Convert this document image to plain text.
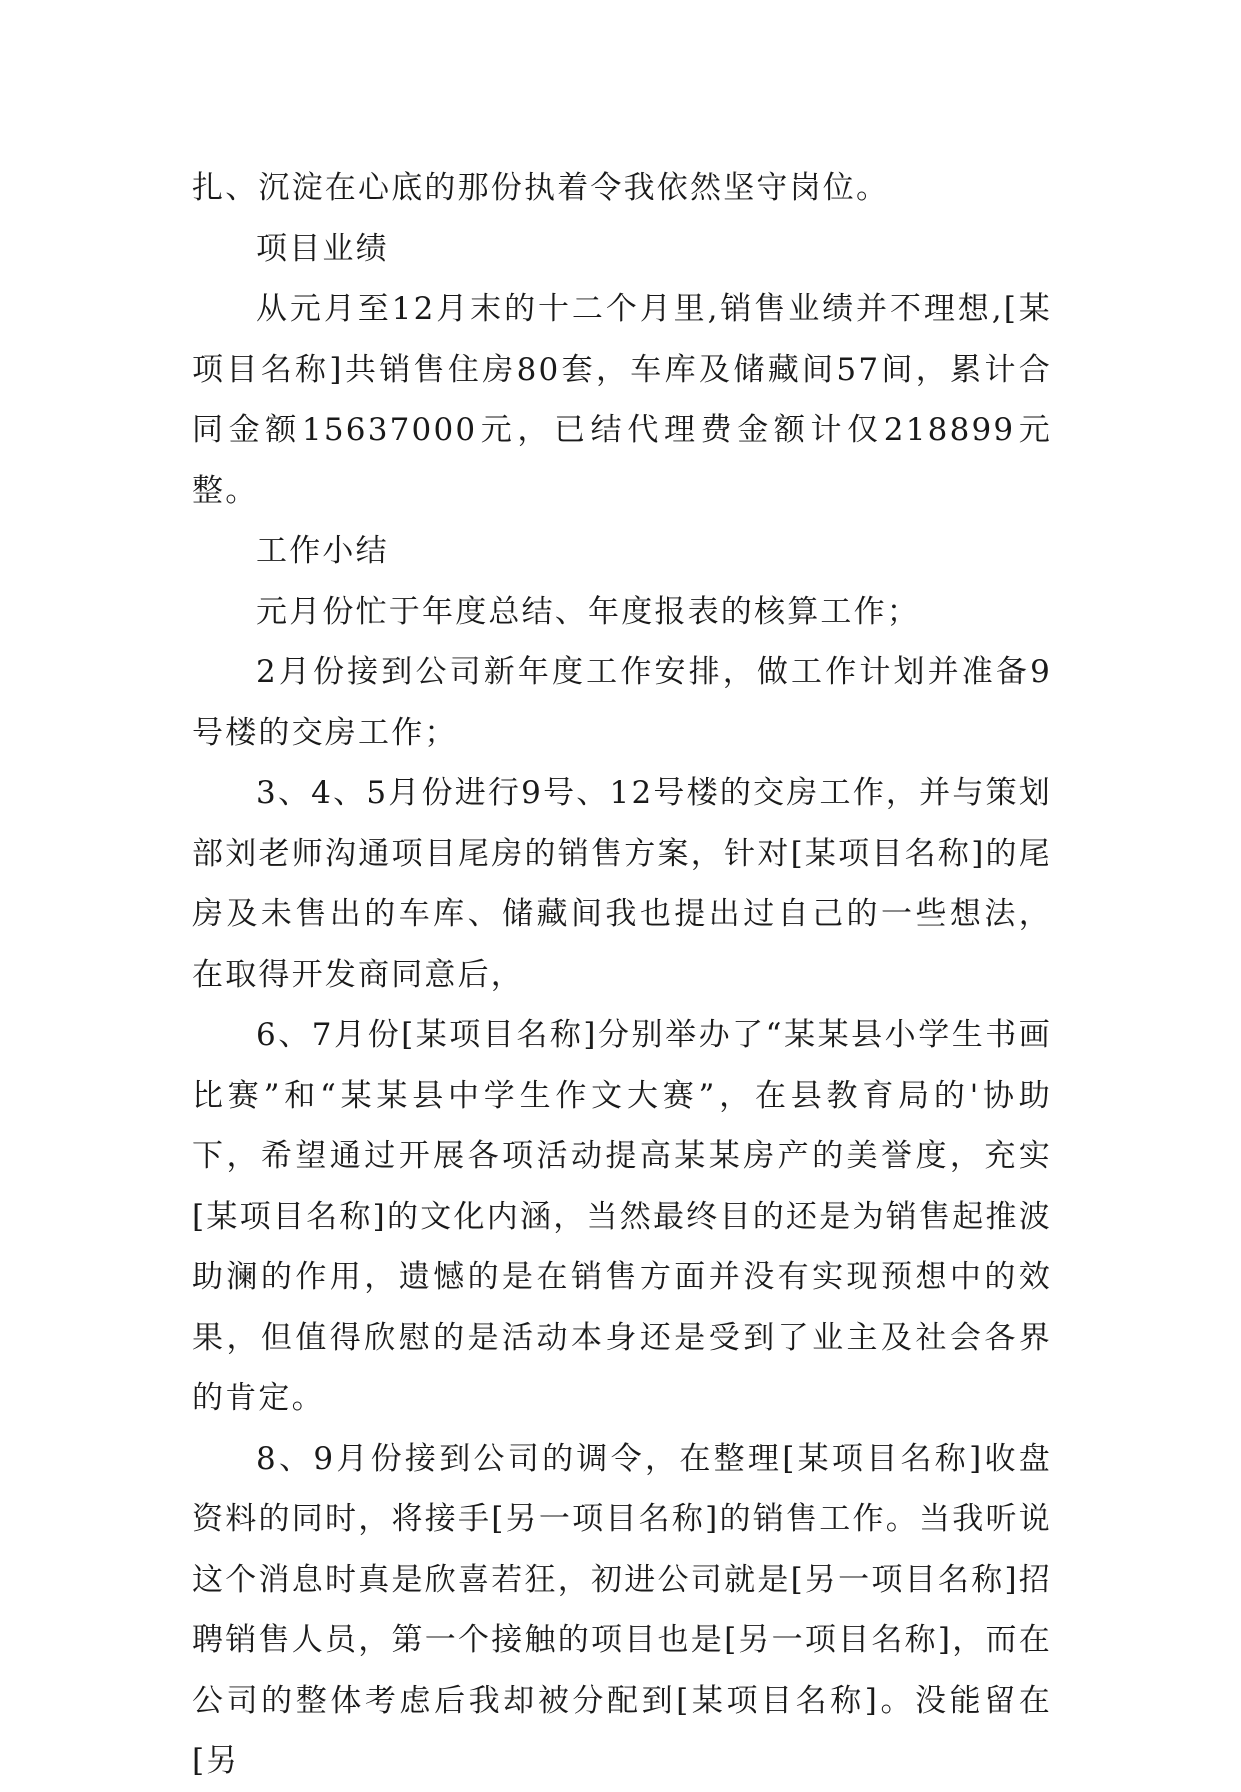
扎、沉淀在心底的那份执着令我依然坚守岗位。

项目业绩

从元月至12月末的十二个月里,销售业绩并不理想,[某项目名称]共销售住房80套，车库及储藏间57间，累计合同金额15637000元，已结代理费金额计仅218899元整。

工作小结

元月份忙于年度总结、年度报表的核算工作；

2月份接到公司新年度工作安排，做工作计划并准备9号楼的交房工作；

3、4、5月份进行9号、12号楼的交房工作，并与策划部刘老师沟通项目尾房的销售方案，针对[某项目名称]的尾房及未售出的车库、储藏间我也提出过自己的一些想法，在取得开发商同意后，

6、7月份[某项目名称]分别举办了“某某县小学生书画比赛”和“某某县中学生作文大赛”，在县教育局的'协助下，希望通过开展各项活动提高某某房产的美誉度，充实[某项目名称]的文化内涵，当然最终目的还是为销售起推波助澜的作用，遗憾的是在销售方面并没有实现预想中的效果，但值得欣慰的是活动本身还是受到了业主及社会各界的肯定。

8、9月份接到公司的调令，在整理[某项目名称]收盘资料的同时，将接手[另一项目名称]的销售工作。当我听说这个消息时真是欣喜若狂，初进公司就是[另一项目名称]招聘销售人员，第一个接触的项目也是[另一项目名称]，而在公司的整体考虑后我却被分配到[某项目名称]。没能留在[另
